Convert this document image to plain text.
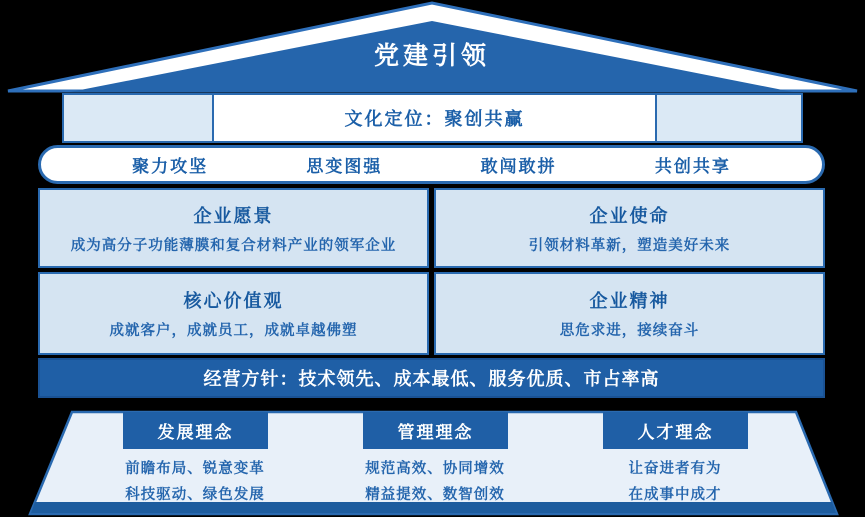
党建引领
文化定位：聚创共赢
聚力攻坚	思变图强	敢闯敢拼	共创共享
企业愿景
成为高分子功能薄膜和复合材料产业的领军企业
企业使命
引领材料革新，塑造美好未来
核心价值观
成就客户，成就员工，成就卓越佛塑
企业精神
思危求进，接续奋斗
经营方针：技术领先、成本最低、服务优质、市占率高
发展理念	管理理念	人才理念
前瞻布局、锐意变革
科技驱动、绿色发展
规范高效、协同增效
精益提效、数智创效
让奋进者有为
在成事中成才
